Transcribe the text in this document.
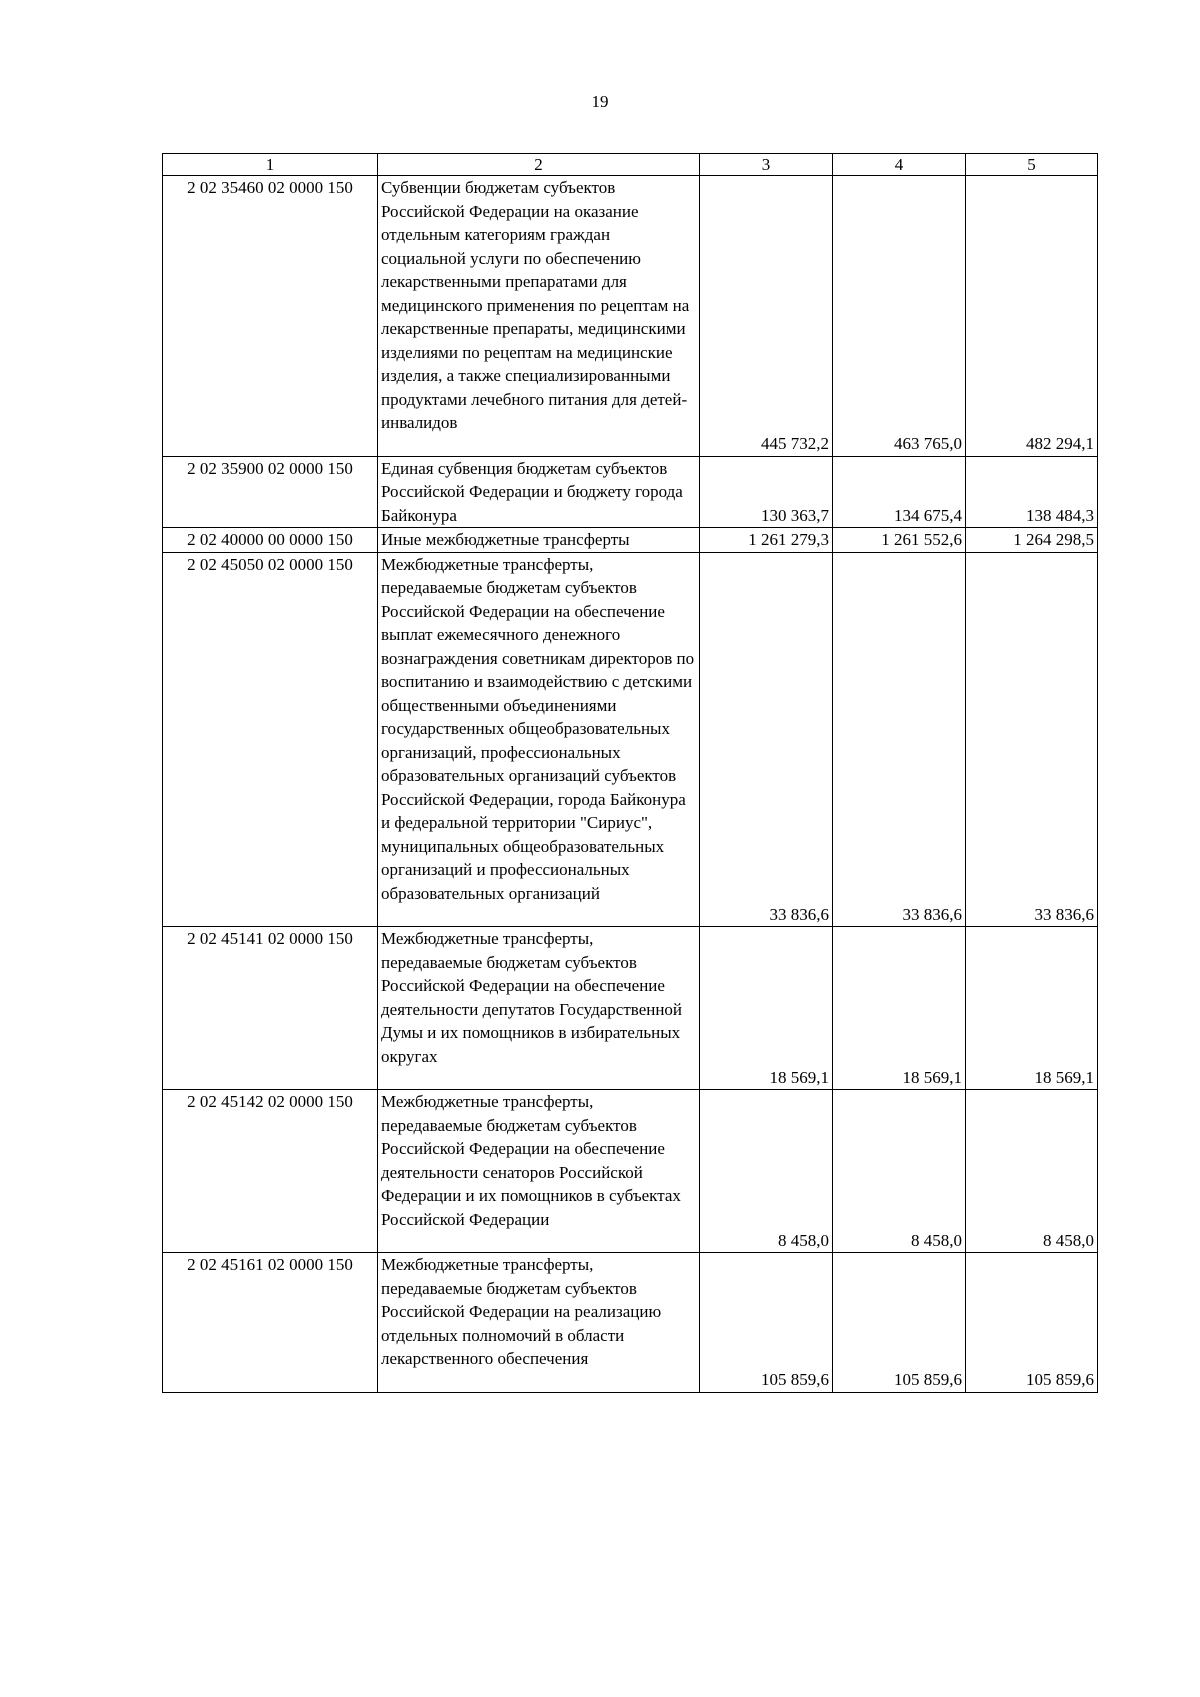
19
1	2	3	4	5
2 02 35460 02 0000 150	Субвенции бюджетам субъектов Российской Федерации на оказание отдельным категориям граждан социальной услуги по обеспечению лекарственными препаратами для медицинского применения по рецептам на лекарственные препараты, медицинскими изделиями по рецептам на медицинские изделия, а также специализированными продуктами лечебного питания для детей-инвалидов	445 732,2	463 765,0	482 294,1
2 02 35900 02 0000 150	Единая субвенция бюджетам субъектов Российской Федерации и бюджету города Байконура	130 363,7	134 675,4	138 484,3
2 02 40000 00 0000 150	Иные межбюджетные трансферты	1 261 279,3	1 261 552,6	1 264 298,5
2 02 45050 02 0000 150	Межбюджетные трансферты, передаваемые бюджетам субъектов Российской Федерации на обеспечение выплат ежемесячного денежного вознаграждения советникам директоров по воспитанию и взаимодействию с детскими общественными объединениями государственных общеобразовательных организаций, профессиональных образовательных организаций субъектов Российской Федерации, города Байконура и федеральной территории "Сириус", муниципальных общеобразовательных организаций и профессиональных образовательных организаций	33 836,6	33 836,6	33 836,6
2 02 45141 02 0000 150	Межбюджетные трансферты, передаваемые бюджетам субъектов Российской Федерации на обеспечение деятельности депутатов Государственной Думы и их помощников в избирательных округах	18 569,1	18 569,1	18 569,1
2 02 45142 02 0000 150	Межбюджетные трансферты, передаваемые бюджетам субъектов Российской Федерации на обеспечение деятельности сенаторов Российской Федерации и их помощников в субъектах Российской Федерации	8 458,0	8 458,0	8 458,0
2 02 45161 02 0000 150	Межбюджетные трансферты, передаваемые бюджетам субъектов Российской Федерации на реализацию отдельных полномочий в области лекарственного обеспечения	105 859,6	105 859,6	105 859,6
